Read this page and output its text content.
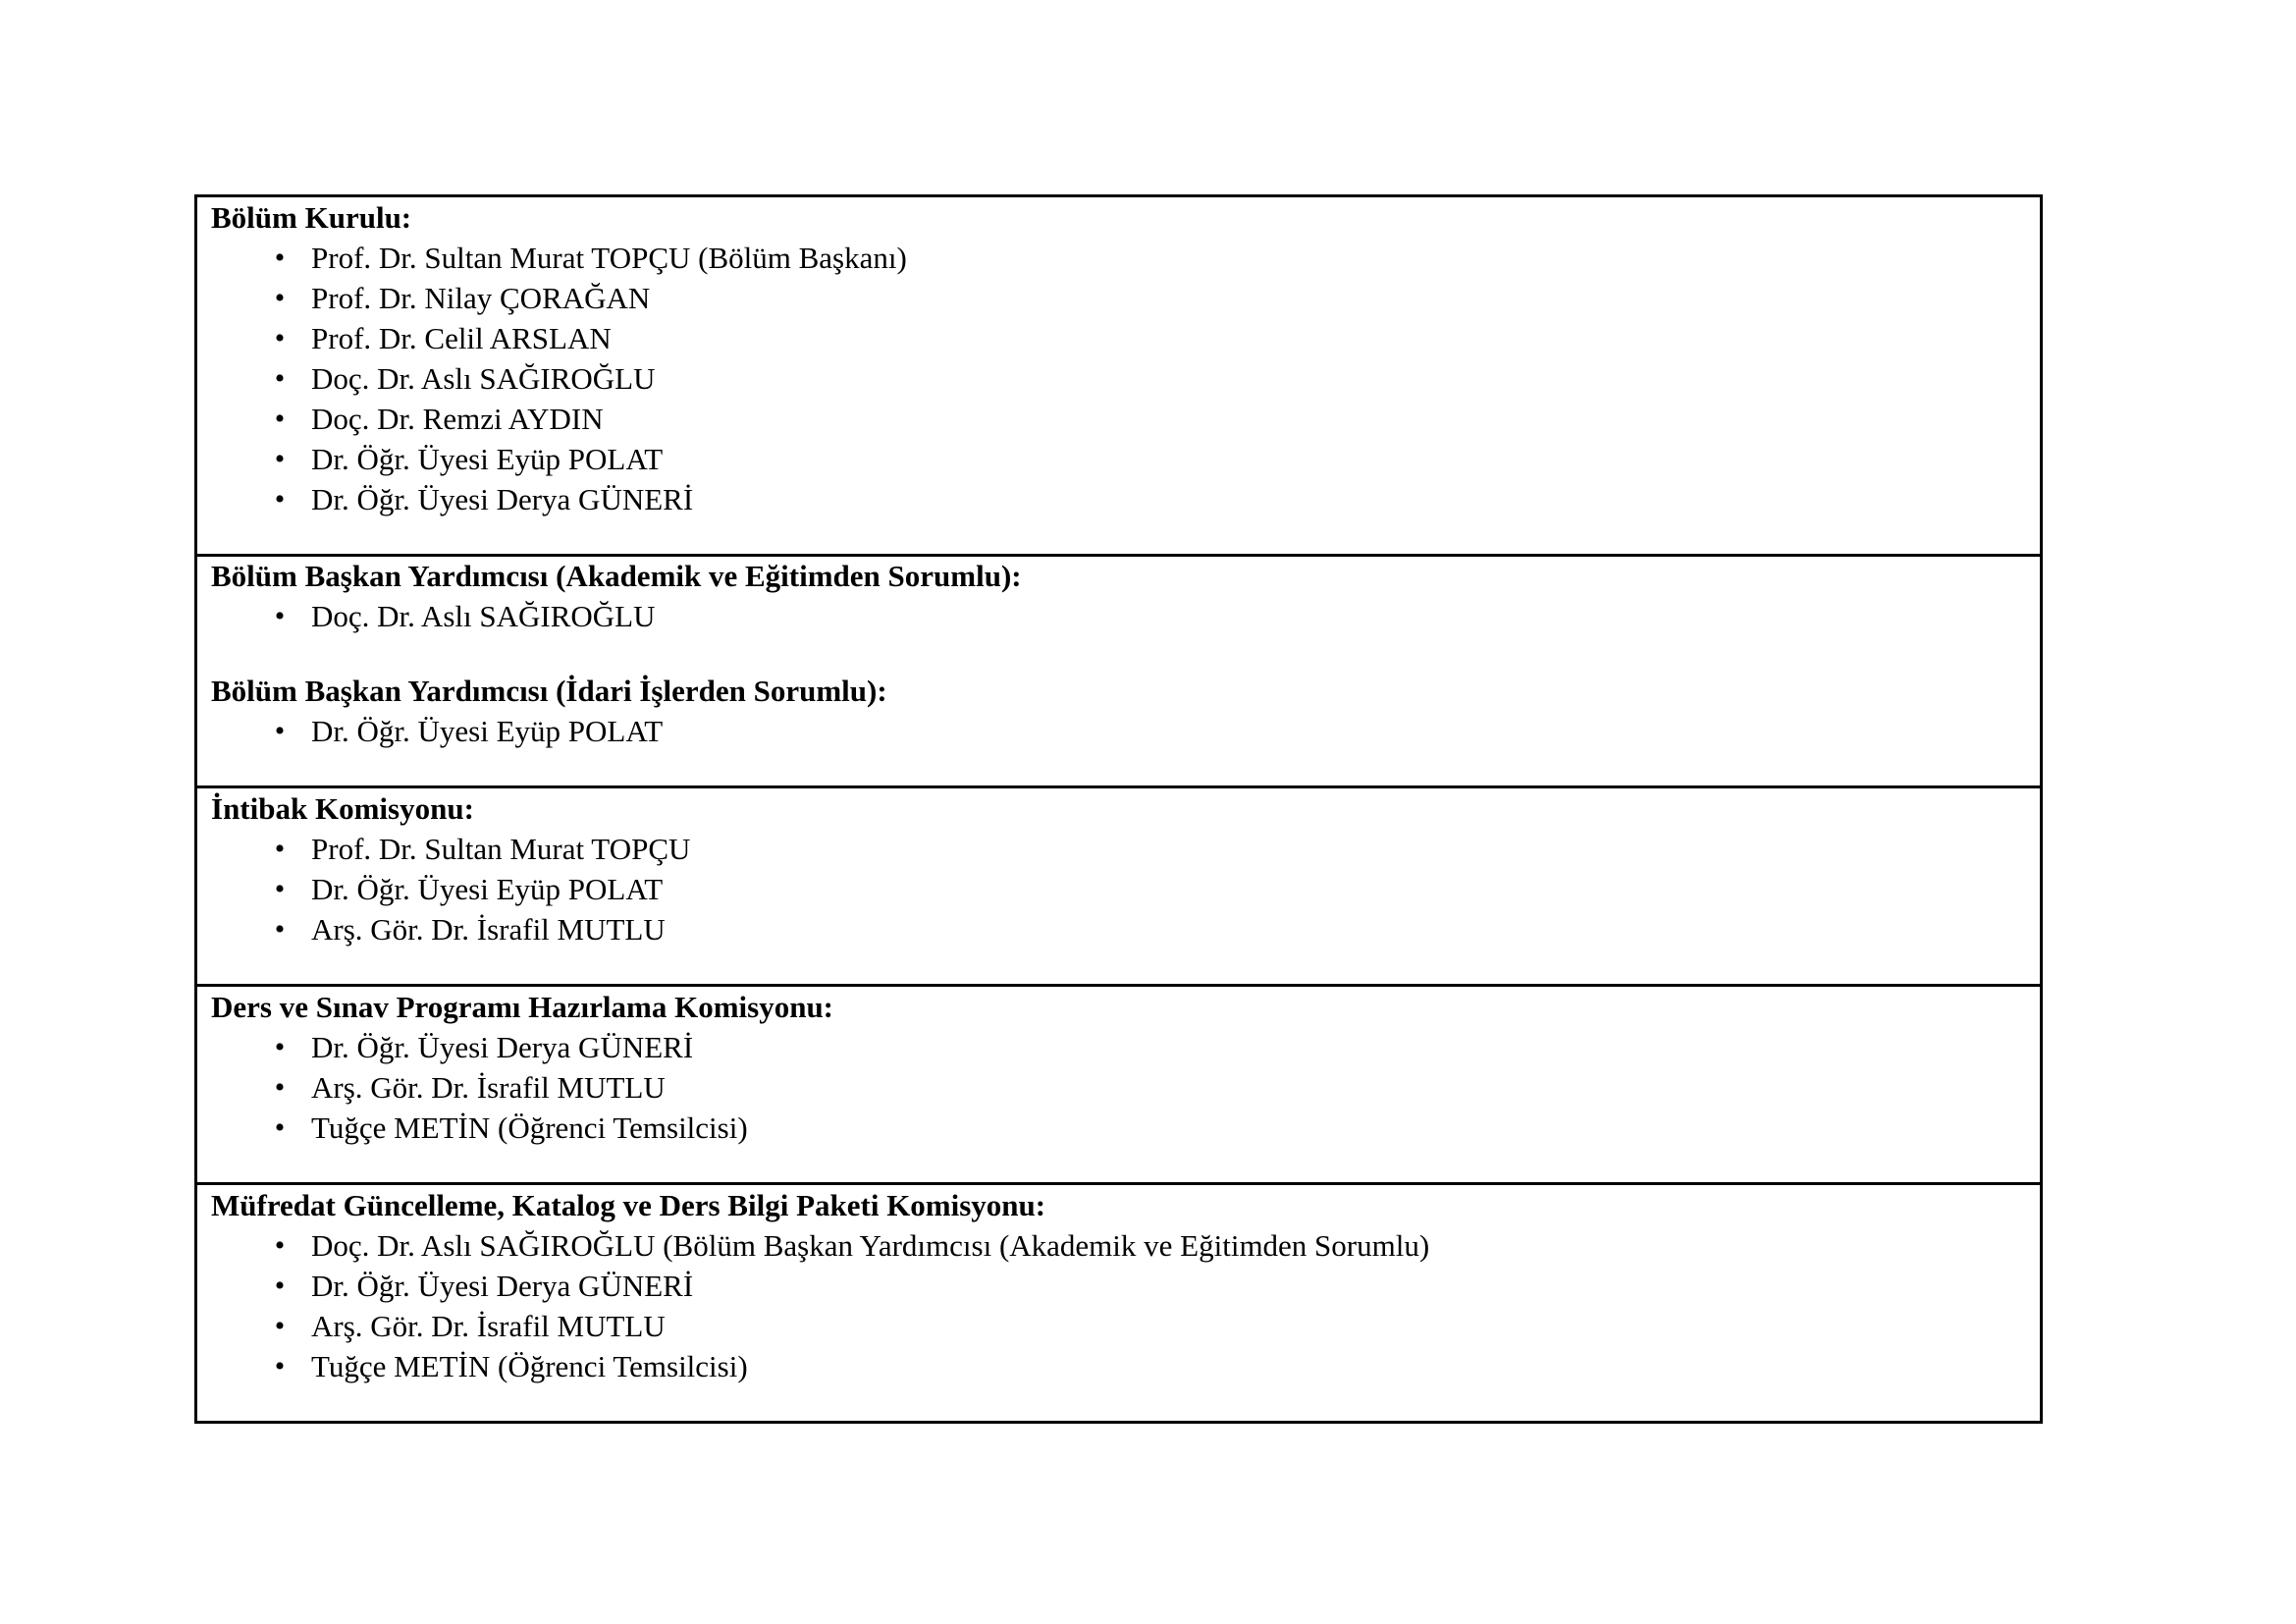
Bölüm Kurulu:
• Prof. Dr. Sultan Murat TOPÇU (Bölüm Başkanı)
• Prof. Dr. Nilay ÇORAĞAN
• Prof. Dr. Celil ARSLAN
• Doç. Dr. Aslı SAĞIROĞLU
• Doç. Dr. Remzi AYDIN
• Dr. Öğr. Üyesi Eyüp POLAT
• Dr. Öğr. Üyesi Derya GÜNERİ

Bölüm Başkan Yardımcısı (Akademik ve Eğitimden Sorumlu):
• Doç. Dr. Aslı SAĞIROĞLU
Bölüm Başkan Yardımcısı (İdari İşlerden Sorumlu):
• Dr. Öğr. Üyesi Eyüp POLAT

İntibak Komisyonu:
• Prof. Dr. Sultan Murat TOPÇU
• Dr. Öğr. Üyesi Eyüp POLAT
• Arş. Gör. Dr. İsrafil MUTLU

Ders ve Sınav Programı Hazırlama Komisyonu:
• Dr. Öğr. Üyesi Derya GÜNERİ
• Arş. Gör. Dr. İsrafil MUTLU
• Tuğçe METİN (Öğrenci Temsilcisi)

Müfredat Güncelleme, Katalog ve Ders Bilgi Paketi Komisyonu:
• Doç. Dr. Aslı SAĞIROĞLU (Bölüm Başkan Yardımcısı (Akademik ve Eğitimden Sorumlu)
• Dr. Öğr. Üyesi Derya GÜNERİ
• Arş. Gör. Dr. İsrafil MUTLU
• Tuğçe METİN (Öğrenci Temsilcisi)
